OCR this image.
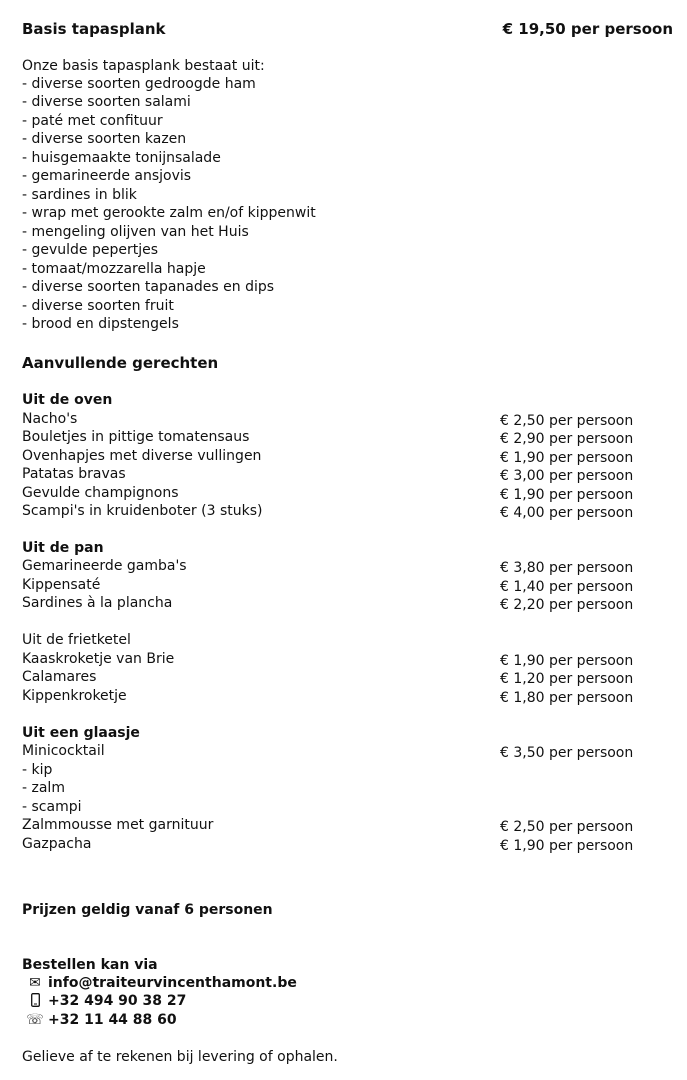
Basis tapasplank	€ 19,50 per persoon
Onze basis tapasplank bestaat uit:
- diverse soorten gedroogde ham
- diverse soorten salami
- paté met confituur
- diverse soorten kazen
- huisgemaakte tonijnsalade
- gemarineerde ansjovis
- sardines in blik
- wrap met gerookte zalm en/of kippenwit
- mengeling olijven van het Huis
- gevulde pepertjes
- tomaat/mozzarella hapje
- diverse soorten tapanades en dips
- diverse soorten fruit
- brood en dipstengels
Aanvullende gerechten
Uit de oven
Nacho's	€ 2,50 per persoon
Bouletjes in pittige tomatensaus	€ 2,90 per persoon
Ovenhapjes met diverse vullingen	€ 1,90 per persoon
Patatas bravas	€ 3,00 per persoon
Gevulde champignons	€ 1,90 per persoon
Scampi's in kruidenboter (3 stuks)	€ 4,00 per persoon
Uit de pan
Gemarineerde gamba's	€ 3,80 per persoon
Kippensaté	€ 1,40 per persoon
Sardines à la plancha	€ 2,20 per persoon
Uit de frietketel
Kaaskroketje van Brie	€ 1,90 per persoon
Calamares	€ 1,20 per persoon
Kippenkroketje	€ 1,80 per persoon
Uit een glaasje
Minicocktail	€ 3,50 per persoon
- kip
- zalm
- scampi
Zalmmousse met garnituur	€ 2,50 per persoon
Gazpacha	€ 1,90 per persoon
Prijzen geldig vanaf 6 personen
Bestellen kan via
✉ info@traiteurvincenthamont.be
+32 494 90 38 27
☏ +32 11 44 88 60
Gelieve af te rekenen bij levering of ophalen.
